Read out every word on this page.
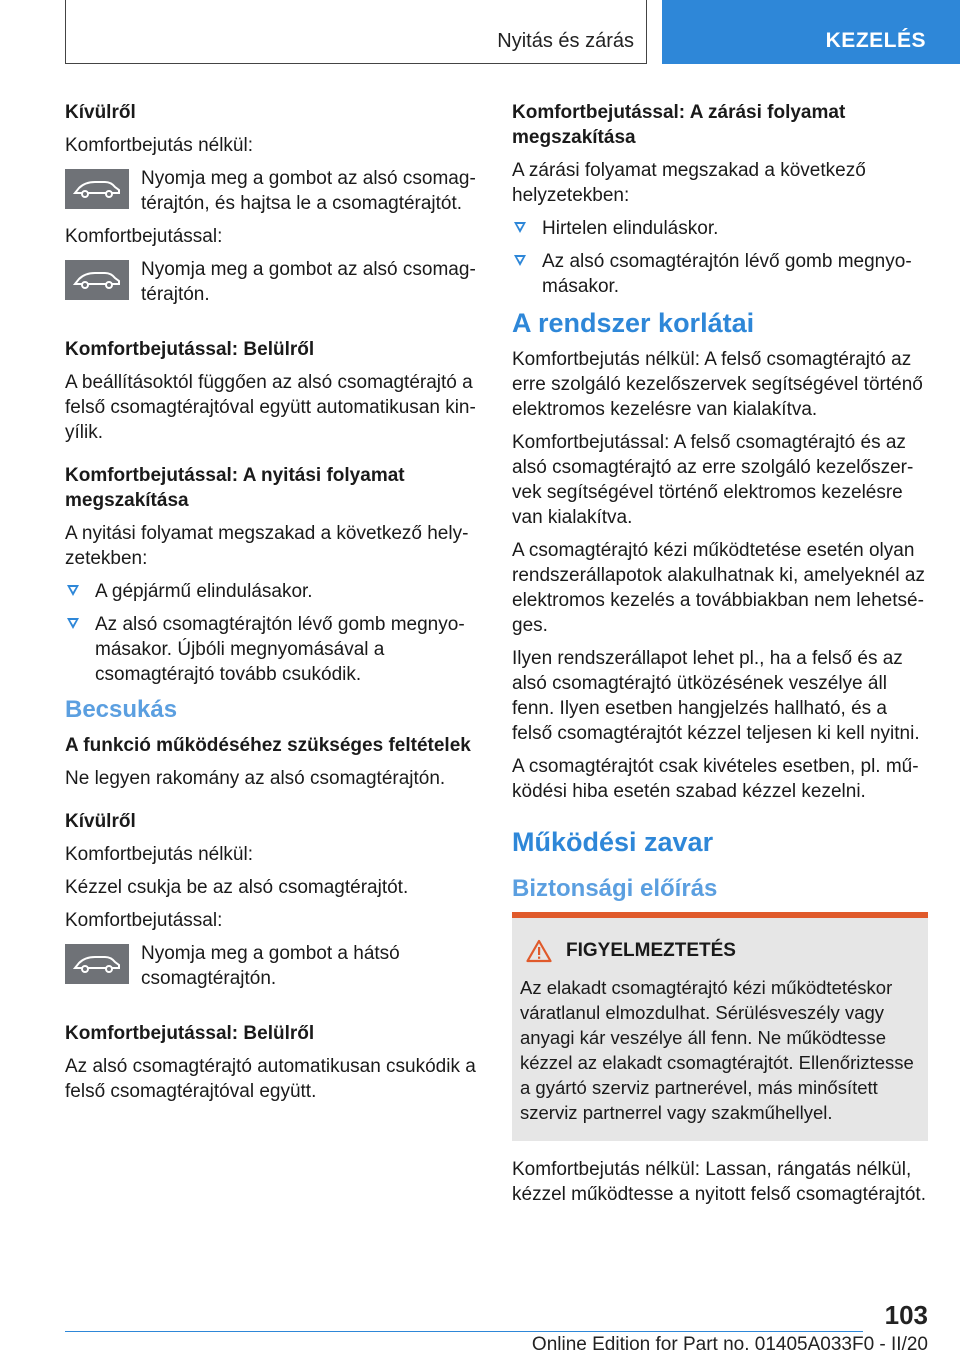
Nyitás és zárás	KEZELÉS

Kívülről

Komfortbejutás nélkül:

Nyomja meg a gombot az alsó csomagtérajtón, és hajtsa le a csomagtérajtót.

Komfortbejutással:

Nyomja meg a gombot az alsó csomagtérajtón.

Komfortbejutással: Belülről

A beállításoktól függően az alsó csomagtérajtó a felső csomagtérajtóval együtt automatikusan kinyílik.

Komfortbejutással: A nyitási folyamat megszakítása

A nyitási folyamat megszakad a következő helyzetekben:

A gépjármű elindulásakor.
Az alsó csomagtérajtón lévő gomb megnyomásakor. Újbóli megnyomásával a csomagtérajtó tovább csukódik.

Becsukás

A funkció működéséhez szükséges feltételek

Ne legyen rakomány az alsó csomagtérajtón.

Kívülről

Komfortbejutás nélkül:

Kézzel csukja be az alsó csomagtérajtót.

Komfortbejutással:

Nyomja meg a gombot a hátsó csomagtérajtón.

Komfortbejutással: Belülről

Az alsó csomagtérajtó automatikusan csukódik a felső csomagtérajtóval együtt.

Komfortbejutással: A zárási folyamat megszakítása

A zárási folyamat megszakad a következő helyzetekben:

Hirtelen elinduláskor.
Az alsó csomagtérajtón lévő gomb megnyomásakor.

A rendszer korlátai

Komfortbejutás nélkül: A felső csomagtérajtó az erre szolgáló kezelőszervek segítségével történő elektromos kezelésre van kialakítva.

Komfortbejutással: A felső csomagtérajtó és az alsó csomagtérajtó az erre szolgáló kezelőszervek segítségével történő elektromos kezelésre van kialakítva.

A csomagtérajtó kézi működtetése esetén olyan rendszerállapotok alakulhatnak ki, amelyeknél az elektromos kezelés a továbbiakban nem lehetséges.

Ilyen rendszerállapot lehet pl., ha a felső és az alsó csomagtérajtó ütközésének veszélye áll fenn. Ilyen esetben hangjelzés hallható, és a felső csomagtérajtót kézzel teljesen ki kell nyitni.

A csomagtérajtót csak kivételes esetben, pl. működési hiba esetén szabad kézzel kezelni.

Működési zavar

Biztonsági előírás

FIGYELMEZTETÉS
Az elakadt csomagtérajtó kézi működtetéskor váratlanul elmozdulhat. Sérülésveszély vagy anyagi kár veszélye áll fenn. Ne működtesse kézzel az elakadt csomagtérajtót. Ellenőriztesse a gyártó szerviz partnerével, más minősített szerviz partnerrel vagy szakműhellyel.

Komfortbejutás nélkül: Lassan, rángatás nélkül, kézzel működtesse a nyitott felső csomagtérajtót.

103
Online Edition for Part no. 01405A033F0 - II/20
